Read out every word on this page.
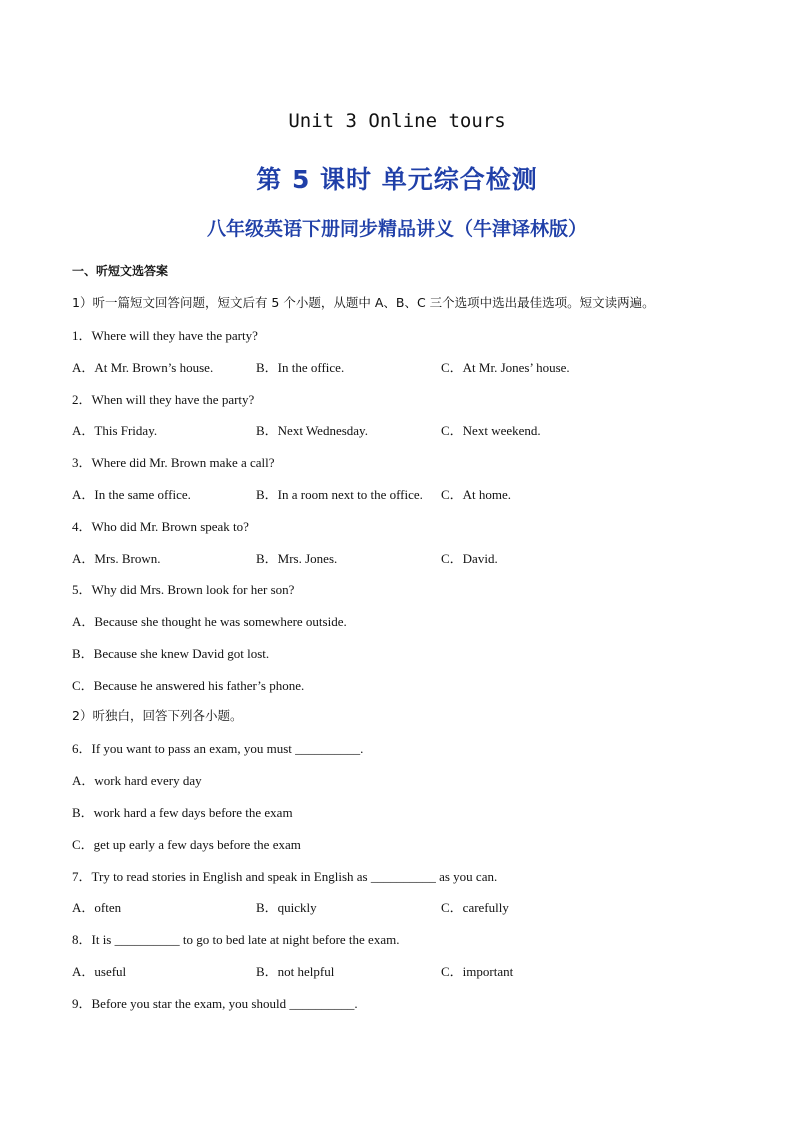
Unit 3 Online tours
第 5 课时 单元综合检测
八年级英语下册同步精品讲义（牛津译林版）
一、听短文选答案
1）听一篇短文回答问题，短文后有 5 个小题，从题中 A、B、C 三个选项中选出最佳选项。短文读两遍。
1．Where will they have the party?
A．At Mr. Brown’s house.	B．In the office.	C．At Mr. Jones’ house.
2．When will they have the party?
A．This Friday.	B．Next Wednesday.	C．Next weekend.
3．Where did Mr. Brown make a call?
A．In the same office.	B．In a room next to the office. C．At home.
4．Who did Mr. Brown speak to?
A．Mrs. Brown.	B．Mrs. Jones.	C．David.
5．Why did Mrs. Brown look for her son?
A．Because she thought he was somewhere outside.
B．Because she knew David got lost.
C．Because he answered his father’s phone.
2）听独白，回答下列各小题。
6．If you want to pass an exam, you must __________.
A．work hard every day
B．work hard a few days before the exam
C．get up early a few days before the exam
7．Try to read stories in English and speak in English as __________ as you can.
A．often	B．quickly	C．carefully
8．It is __________ to go to bed late at night before the exam.
A．useful	B．not helpful	C．important
9．Before you star the exam, you should __________.
